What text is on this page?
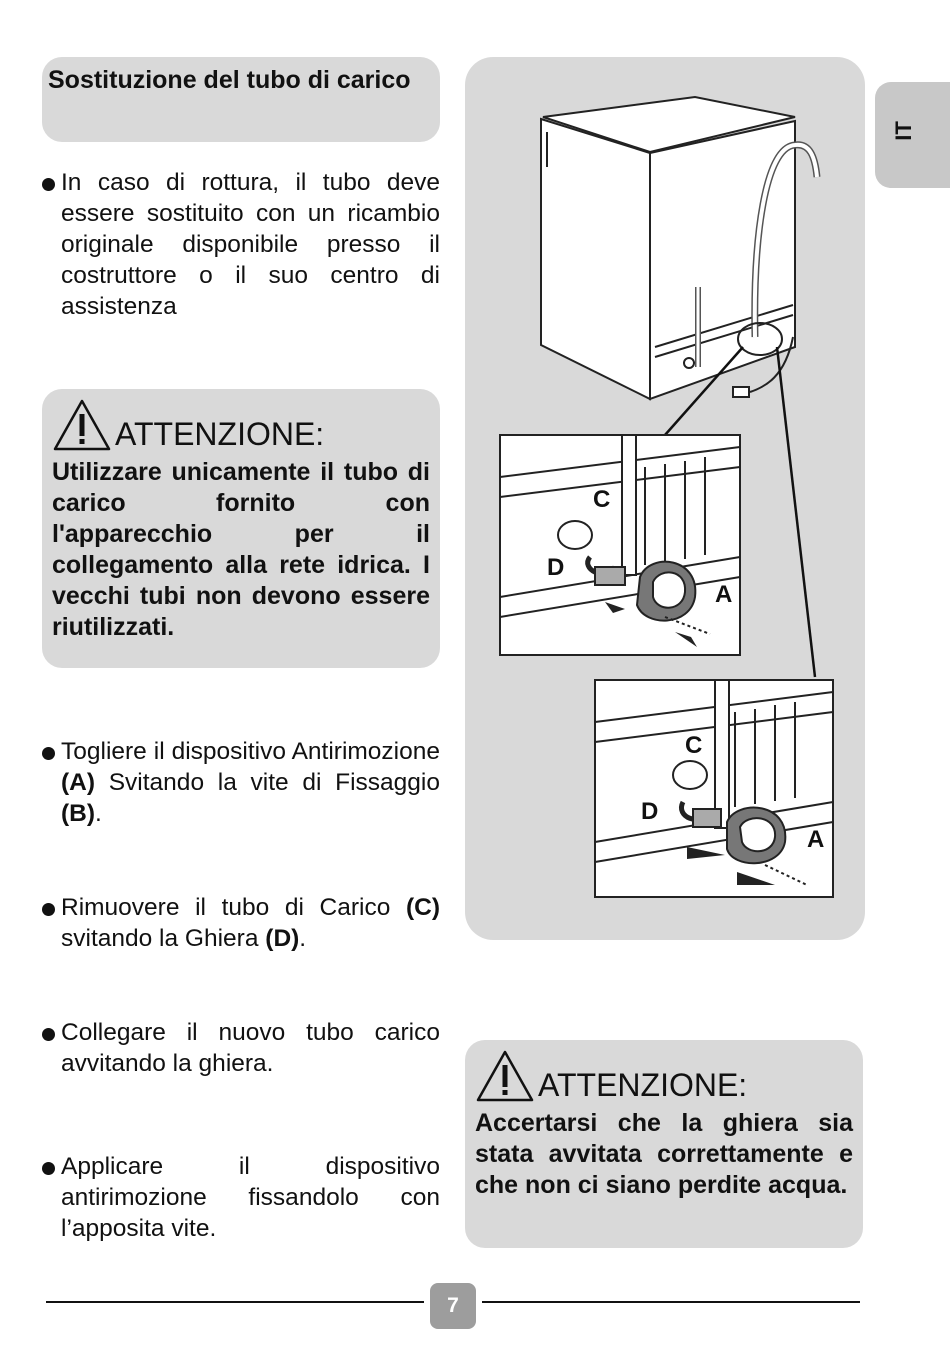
Sostituzione del tubo di carico
In caso di rottura, il tubo deve essere sostituito con un ricambio originale disponibile presso il costruttore o il suo centro di assistenza
ATTENZIONE:
Utilizzare unicamente il tubo di carico fornito con l'apparecchio per il collegamento alla rete idrica. I vecchi tubi non devono essere riutilizzati.
Togliere il dispositivo Antirimozione (A) Svitando la vite di Fissaggio (B).
Rimuovere il tubo di Carico (C) svitando la Ghiera (D).
Collegare il nuovo tubo carico avvitando la ghiera.
Applicare il dispositivo antirimozione fissandolo con l’apposita vite.
C
D
A
C
D
A
IT
ATTENZIONE:
Accertarsi che la ghiera sia stata avvitata correttamente e che non ci siano perdite acqua.
7
